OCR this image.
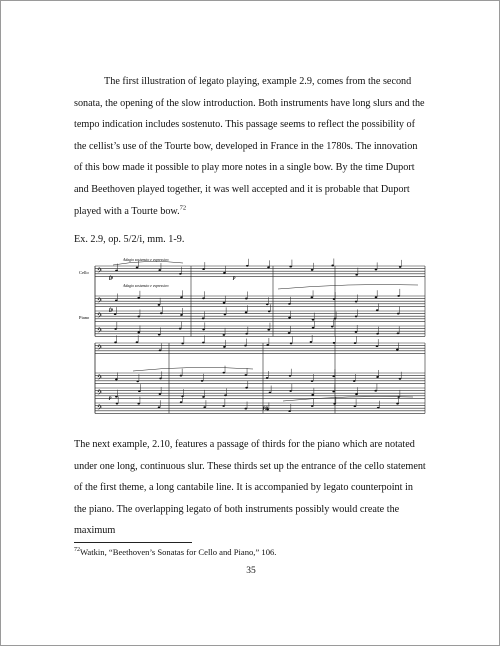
The first illustration of legato playing, example 2.9, comes from the second sonata, the opening of the slow introduction. Both instruments have long slurs and the tempo indication includes sostenuto. This passage seems to reflect the possibility of the cellist’s use of the Tourte bow, developed in France in the 1780s. The innovation of this bow made it possible to play more notes in a single bow. By the time Duport and Beethoven played together, it was well accepted and it is probable that Duport played with a Tourte bow.$^{72}$

Ex. 2.9, op. 5/2/i, mm. 1-9.

𝄢
𝄢
𝄢
𝄢
𝄢
𝄢
𝄢
𝄢
Cello
Piano
Adagio sostenuto e espressivo
Adagio sostenuto e espressivo
fp	p
fp
p
pp

The next example, 2.10, features a passage of thirds for the piano which are notated under one long, continuous slur. These thirds set up the entrance of the cello statement of the first theme, a long cantabile line. It is accompanied by legato counterpoint in the piano. The overlapping legato of both instruments possibly would create the maximum

$^{72}$Watkin, “Beethoven’s Sonatas for Cello and Piano,” 106.

35
